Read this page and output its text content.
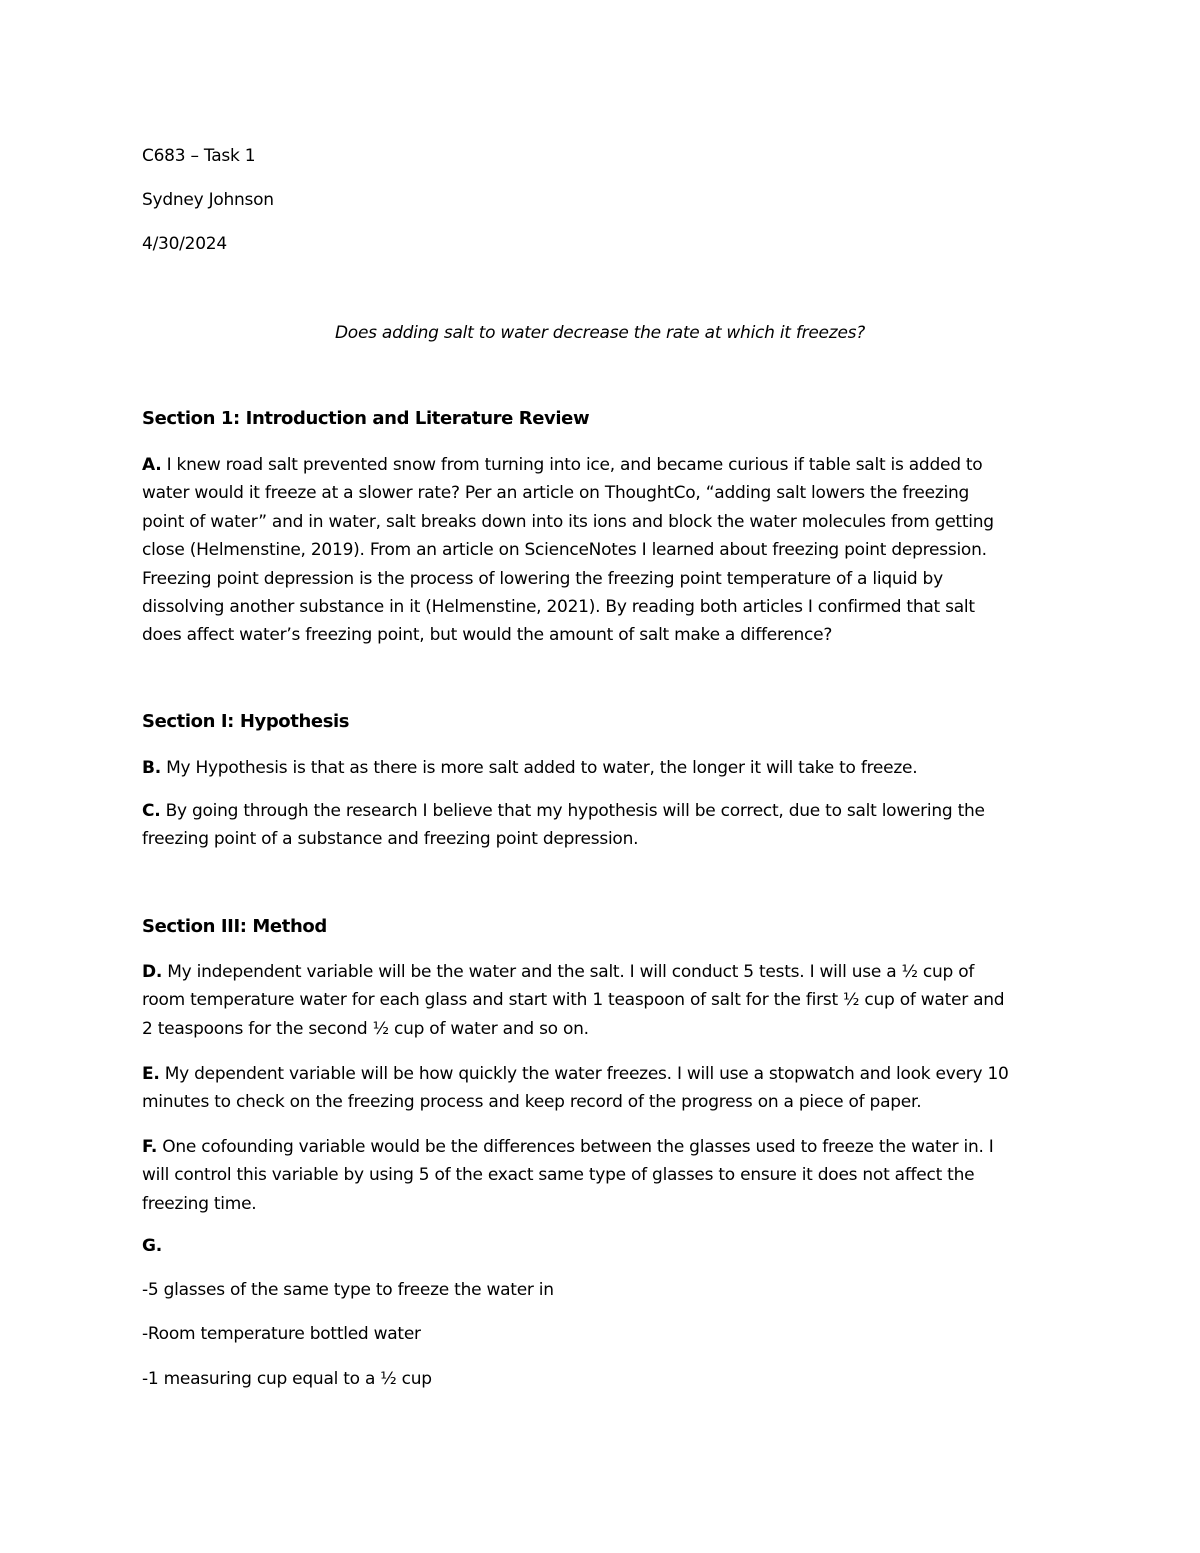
C683 – Task 1
Sydney Johnson
4/30/2024
Does adding salt to water decrease the rate at which it freezes?
Section 1: Introduction and Literature Review
A. I knew road salt prevented snow from turning into ice, and became curious if table salt is added to
water would it freeze at a slower rate? Per an article on ThoughtCo, “adding salt lowers the freezing
point of water” and in water, salt breaks down into its ions and block the water molecules from getting
close (Helmenstine, 2019). From an article on ScienceNotes I learned about freezing point depression.
Freezing point depression is the process of lowering the freezing point temperature of a liquid by
dissolving another substance in it (Helmenstine, 2021). By reading both articles I confirmed that salt
does affect water’s freezing point, but would the amount of salt make a difference?
Section I: Hypothesis
B. My Hypothesis is that as there is more salt added to water, the longer it will take to freeze.
C. By going through the research I believe that my hypothesis will be correct, due to salt lowering the
freezing point of a substance and freezing point depression.
Section III: Method
D. My independent variable will be the water and the salt. I will conduct 5 tests. I will use a ½ cup of
room temperature water for each glass and start with 1 teaspoon of salt for the first ½ cup of water and
2 teaspoons for the second ½ cup of water and so on.
E. My dependent variable will be how quickly the water freezes. I will use a stopwatch and look every 10
minutes to check on the freezing process and keep record of the progress on a piece of paper.
F. One cofounding variable would be the differences between the glasses used to freeze the water in. I
will control this variable by using 5 of the exact same type of glasses to ensure it does not affect the
freezing time.
G.
-5 glasses of the same type to freeze the water in
-Room temperature bottled water
-1 measuring cup equal to a ½ cup
